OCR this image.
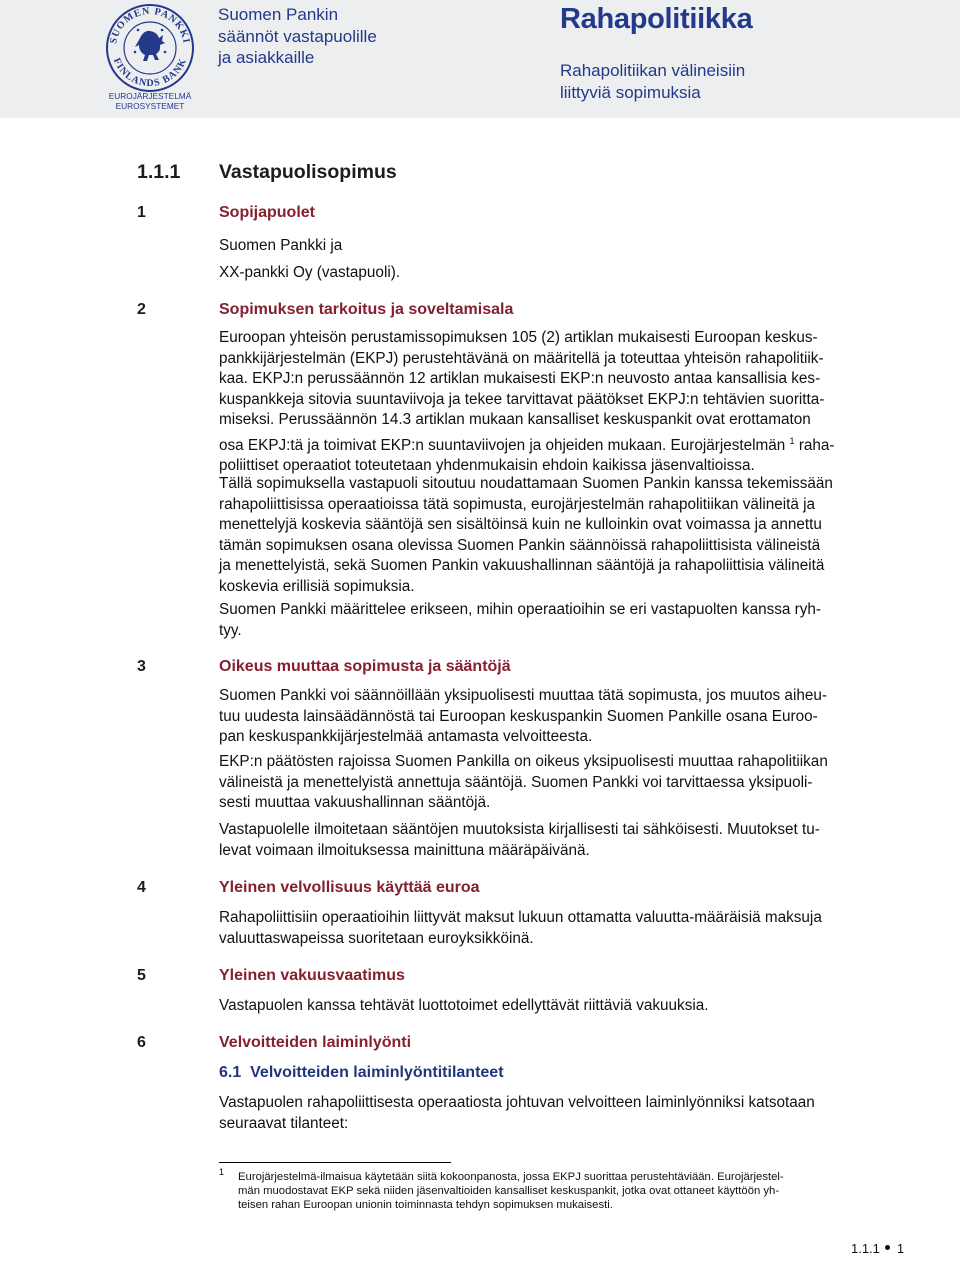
SUOMEN PANKKI
FINLANDS BANK
EUROJÄRJESTELMÄ
EUROSYSTEMET
Suomen Pankin
säännöt vastapuolille
ja asiakkaille
Rahapolitiikka
Rahapolitiikan välineisiin
liittyviä sopimuksia
1.1.1 Vastapuolisopimus
1	Sopijapuolet
Suomen Pankki ja
XX-pankki Oy (vastapuoli).
2	Sopimuksen tarkoitus ja soveltamisala
Euroopan yhteisön perustamissopimuksen 105 (2) artiklan mukaisesti Euroopan keskus-
pankkijärjestelmän (EKPJ) perustehtävänä on määritellä ja toteuttaa yhteisön rahapolitiik-
kaa. EKPJ:n perussäännön 12 artiklan mukaisesti EKP:n neuvosto antaa kansallisia kes-
kuspankkeja sitovia suuntaviivoja ja tekee tarvittavat päätökset EKPJ:n tehtävien suoritta-
miseksi. Perussäännön 14.3 artiklan mukaan kansalliset keskuspankit ovat erottamaton
osa EKPJ:tä ja toimivat EKP:n suuntaviivojen ja ohjeiden mukaan. Eurojärjestelmän $^1$ raha-
poliittiset operaatiot toteutetaan yhdenmukaisin ehdoin kaikissa jäsenvaltioissa.
Tällä sopimuksella vastapuoli sitoutuu noudattamaan Suomen Pankin kanssa tekemissään
rahapoliittisissa operaatioissa tätä sopimusta, eurojärjestelmän rahapolitiikan välineitä ja
menettelyjä koskevia sääntöjä sen sisältöinsä kuin ne kulloinkin ovat voimassa ja annettu
tämän sopimuksen osana olevissa Suomen Pankin säännöissä rahapoliittisista välineistä
ja menettelyistä, sekä Suomen Pankin vakuushallinnan sääntöjä ja rahapoliittisia välineitä
koskevia erillisiä sopimuksia.
Suomen Pankki määrittelee erikseen, mihin operaatioihin se eri vastapuolten kanssa ryh-
tyy.
3	Oikeus muuttaa sopimusta ja sääntöjä
Suomen Pankki voi säännöillään yksipuolisesti muuttaa tätä sopimusta, jos muutos aiheu-
tuu uudesta lainsäädännöstä tai Euroopan keskuspankin Suomen Pankille osana Euroo-
pan keskuspankkijärjestelmää antamasta velvoitteesta.
EKP:n päätösten rajoissa Suomen Pankilla on oikeus yksipuolisesti muuttaa rahapolitiikan
välineistä ja menettelyistä annettuja sääntöjä. Suomen Pankki voi tarvittaessa yksipuoli-
sesti muuttaa vakuushallinnan sääntöjä.
Vastapuolelle ilmoitetaan sääntöjen muutoksista kirjallisesti tai sähköisesti. Muutokset tu-
levat voimaan ilmoituksessa mainittuna määräpäivänä.
4	Yleinen velvollisuus käyttää euroa
Rahapoliittisiin operaatioihin liittyvät maksut lukuun ottamatta valuutta-määräisiä maksuja
valuuttaswapeissa suoritetaan euroyksikköinä.
5	Yleinen vakuusvaatimus
Vastapuolen kanssa tehtävät luottotoimet edellyttävät riittäviä vakuuksia.
6	Velvoitteiden laiminlyönti
6.1 Velvoitteiden laiminlyöntitilanteet
Vastapuolen rahapoliittisesta operaatiosta johtuvan velvoitteen laiminlyönniksi katsotaan
seuraavat tilanteet:
1 Eurojärjestelmä-ilmaisua käytetään siitä kokoonpanosta, jossa EKPJ suorittaa perustehtäviään. Eurojärjestel-
män muodostavat EKP sekä niiden jäsenvaltioiden kansalliset keskuspankit, jotka ovat ottaneet käyttöön yh-
teisen rahan Euroopan unionin toiminnasta tehdyn sopimuksen mukaisesti.
1.1.1 1
